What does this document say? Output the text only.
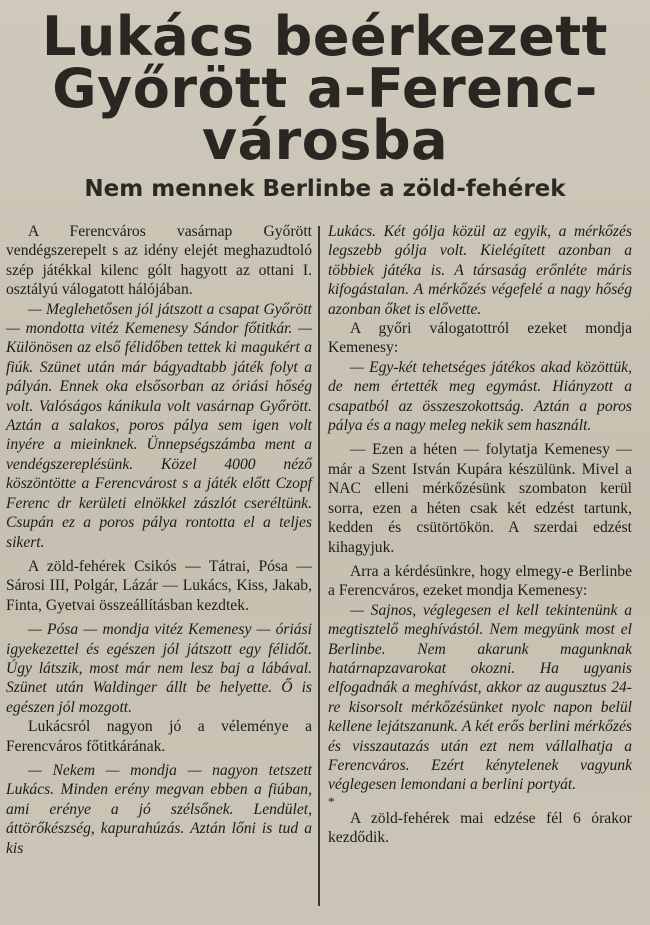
Lukács beérkezett
Győrött a-Ferenc-
városba
Nem mennek Berlinbe a zöld-fehérek

A Ferencváros vasárnap Győrött vendégszerepelt s az idény elejét meghazudtoló szép játékkal kilenc gólt hagyott az ottani I. osztályú válogatott hálójában.

— Meglehetősen jól játszott a csapat Győrött — mondotta vitéz Kemenesy Sándor főtitkár. — Különösen az első félidőben tettek ki magukért a fiúk. Szünet után már bágyadtabb játék folyt a pályán. Ennek oka elsősorban az óriási hőség volt. Valóságos kánikula volt vasárnap Győrött. Aztán a salakos, poros pálya sem igen volt inyére a mieinknek. Ünnepségszámba ment a vendégszereplésünk. Közel 4000 néző köszöntötte a Ferencvárost s a játék előtt Czopf Ferenc dr kerületi elnökkel zászlót cseréltünk. Csupán ez a poros pálya rontotta el a teljes sikert.

A zöld-fehérek Csikós — Tátrai, Pósa — Sárosi III, Polgár, Lázár — Lukács, Kiss, Jakab, Finta, Gyetvai összeállításban kezdtek.

— Pósa — mondja vitéz Kemenesy — óriási igyekezettel és egészen jól játszott egy félidőt. Úgy látszik, most már nem lesz baj a lábával. Szünet után Waldinger állt be helyette. Ő is egészen jól mozgott.

Lukácsról nagyon jó a véleménye a Ferencváros főtitkárának.

— Nekem — mondja — nagyon tetszett Lukács. Minden erény megvan ebben a fiúban, ami erénye a jó szélsőnek. Lendület, áttörőkészség, kapurahúzás. Aztán lőni is tud a kis

Lukács. Két gólja közül az egyik, a mérkőzés legszebb gólja volt. Kielégített azonban a többiek játéka is. A társaság erőnléte máris kifogástalan. A mérkőzés végefelé a nagy hőség azonban őket is elővette.

A győri válogatottról ezeket mondja Kemenesy:

— Egy-két tehetséges játékos akad közöttük, de nem értették meg egymást. Hiányzott a csapatból az összeszokottság. Aztán a poros pálya és a nagy meleg nekik sem használt.

— Ezen a héten — folytatja Kemenesy — már a Szent István Kupára készülünk. Mivel a NAC elleni mérkőzésünk szombaton kerül sorra, ezen a héten csak két edzést tartunk, kedden és csütörtökön. A szerdai edzést kihagyjuk.

Arra a kérdésünkre, hogy elmegy-e Berlinbe a Ferencváros, ezeket mondja Kemenesy:

— Sajnos, véglegesen el kell tekintenünk a megtisztelő meghívástól. Nem megyünk most el Berlinbe. Nem akarunk magunknak határnapzavarokat okozni. Ha ugyanis elfogadnák a meghívást, akkor az augusztus 24-re kisorsolt mérkőzésünket nyolc napon belül kellene lejátszanunk. A két erős berlini mérkőzés és visszautazás után ezt nem vállalhatja a Ferencváros. Ezért kénytelenek vagyunk véglegesen lemondani a berlini portyát.

*

A zöld-fehérek mai edzése fél 6 órakor kezdődik.
